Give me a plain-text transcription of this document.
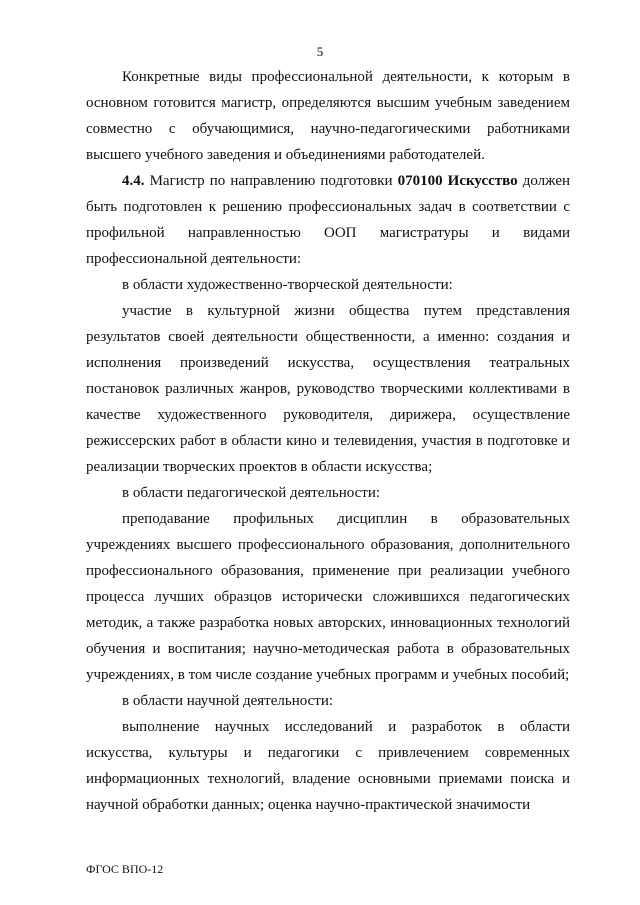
5

Конкретные виды профессиональной деятельности, к которым в основном готовится магистр, определяются высшим учебным заведением совместно с обучающимися, научно-педагогическими работниками высшего учебного заведения и объединениями работодателей.

4.4. Магистр по направлению подготовки 070100 Искусство должен быть подготовлен к решению профессиональных задач в соответствии с профильной направленностью ООП магистратуры и видами профессиональной деятельности:

в области художественно-творческой деятельности:

участие в культурной жизни общества путем представления результатов своей деятельности общественности, а именно: создания и исполнения произведений искусства, осуществления театральных постановок различных жанров, руководство творческими коллективами в качестве художественного руководителя, дирижера, осуществление режиссерских работ в области кино и телевидения, участия в подготовке и реализации творческих проектов в области искусства;

в области педагогической деятельности:

преподавание профильных дисциплин в образовательных учреждениях высшего профессионального образования, дополнительного профессионального образования, применение при реализации учебного процесса лучших образцов исторически сложившихся педагогических методик, а также разработка новых авторских, инновационных технологий обучения и воспитания; научно-методическая работа в образовательных учреждениях, в том числе создание учебных программ и учебных пособий;

в области научной деятельности:

выполнение научных исследований и разработок в области искусства, культуры и педагогики с привлечением современных информационных технологий, владение основными приемами поиска и научной обработки данных; оценка научно-практической значимости

ФГОС ВПО-12
